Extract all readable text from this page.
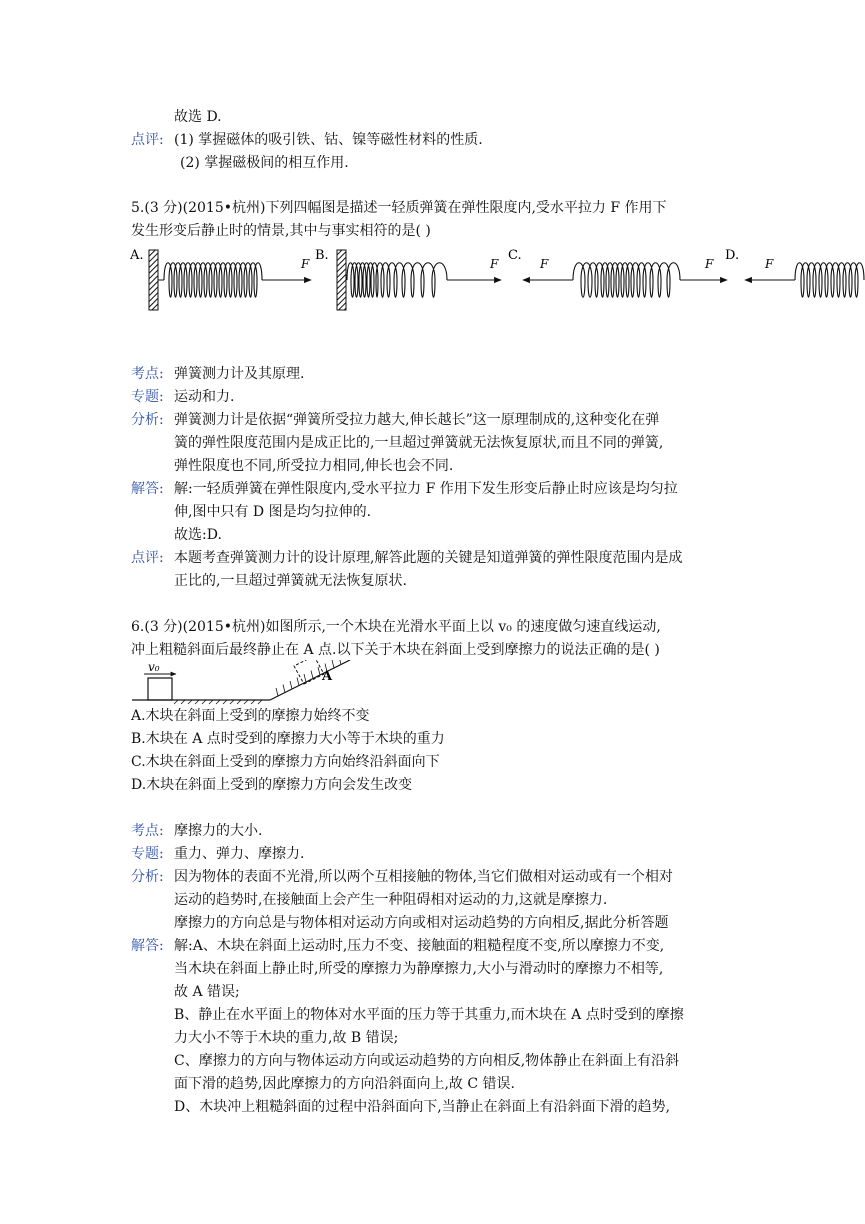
故选 D.
点评: (1) 掌握磁体的吸引铁、钴、镍等磁性材料的性质.
(2) 掌握磁极间的相互作用.
5.(3 分)(2015•杭州)下列四幅图是描述一轻质弹簧在弹性限度内,受水平拉力 F 作用下
发生形变后静止时的情景,其中与事实相符的是( )
A.
F
B.
F
C.
F	F
D.
F
考点: 弹簧测力计及其原理.
专题: 运动和力.
分析: 弹簧测力计是依据“弹簧所受拉力越大,伸长越长”这一原理制成的,这种变化在弹
簧的弹性限度范围内是成正比的,一旦超过弹簧就无法恢复原状,而且不同的弹簧,
弹性限度也不同,所受拉力相同,伸长也会不同.
解答: 解:一轻质弹簧在弹性限度内,受水平拉力 F 作用下发生形变后静止时应该是均匀拉
伸,图中只有 D 图是均匀拉伸的.
故选:D.
点评: 本题考查弹簧测力计的设计原理,解答此题的关键是知道弹簧的弹性限度范围内是成
正比的,一旦超过弹簧就无法恢复原状.
6.(3 分)(2015•杭州)如图所示,一个木块在光滑水平面上以 v₀ 的速度做匀速直线运动,
冲上粗糙斜面后最终静止在 A 点.以下关于木块在斜面上受到摩擦力的说法正确的是( )
v₀
A
A.木块在斜面上受到的摩擦力始终不变
B.木块在 A 点时受到的摩擦力大小等于木块的重力
C.木块在斜面上受到的摩擦力方向始终沿斜面向下
D.木块在斜面上受到的摩擦力方向会发生改变
考点: 摩擦力的大小.
专题: 重力、弹力、摩擦力.
分析: 因为物体的表面不光滑,所以两个互相接触的物体,当它们做相对运动或有一个相对
运动的趋势时,在接触面上会产生一种阻碍相对运动的力,这就是摩擦力.
摩擦力的方向总是与物体相对运动方向或相对运动趋势的方向相反,据此分析答题
解答: 解:A、木块在斜面上运动时,压力不变、接触面的粗糙程度不变,所以摩擦力不变,
当木块在斜面上静止时,所受的摩擦力为静摩擦力,大小与滑动时的摩擦力不相等,
故 A 错误;
B、静止在水平面上的物体对水平面的压力等于其重力,而木块在 A 点时受到的摩擦
力大小不等于木块的重力,故 B 错误;
C、摩擦力的方向与物体运动方向或运动趋势的方向相反,物体静止在斜面上有沿斜
面下滑的趋势,因此摩擦力的方向沿斜面向上,故 C 错误.
D、木块冲上粗糙斜面的过程中沿斜面向下,当静止在斜面上有沿斜面下滑的趋势,
